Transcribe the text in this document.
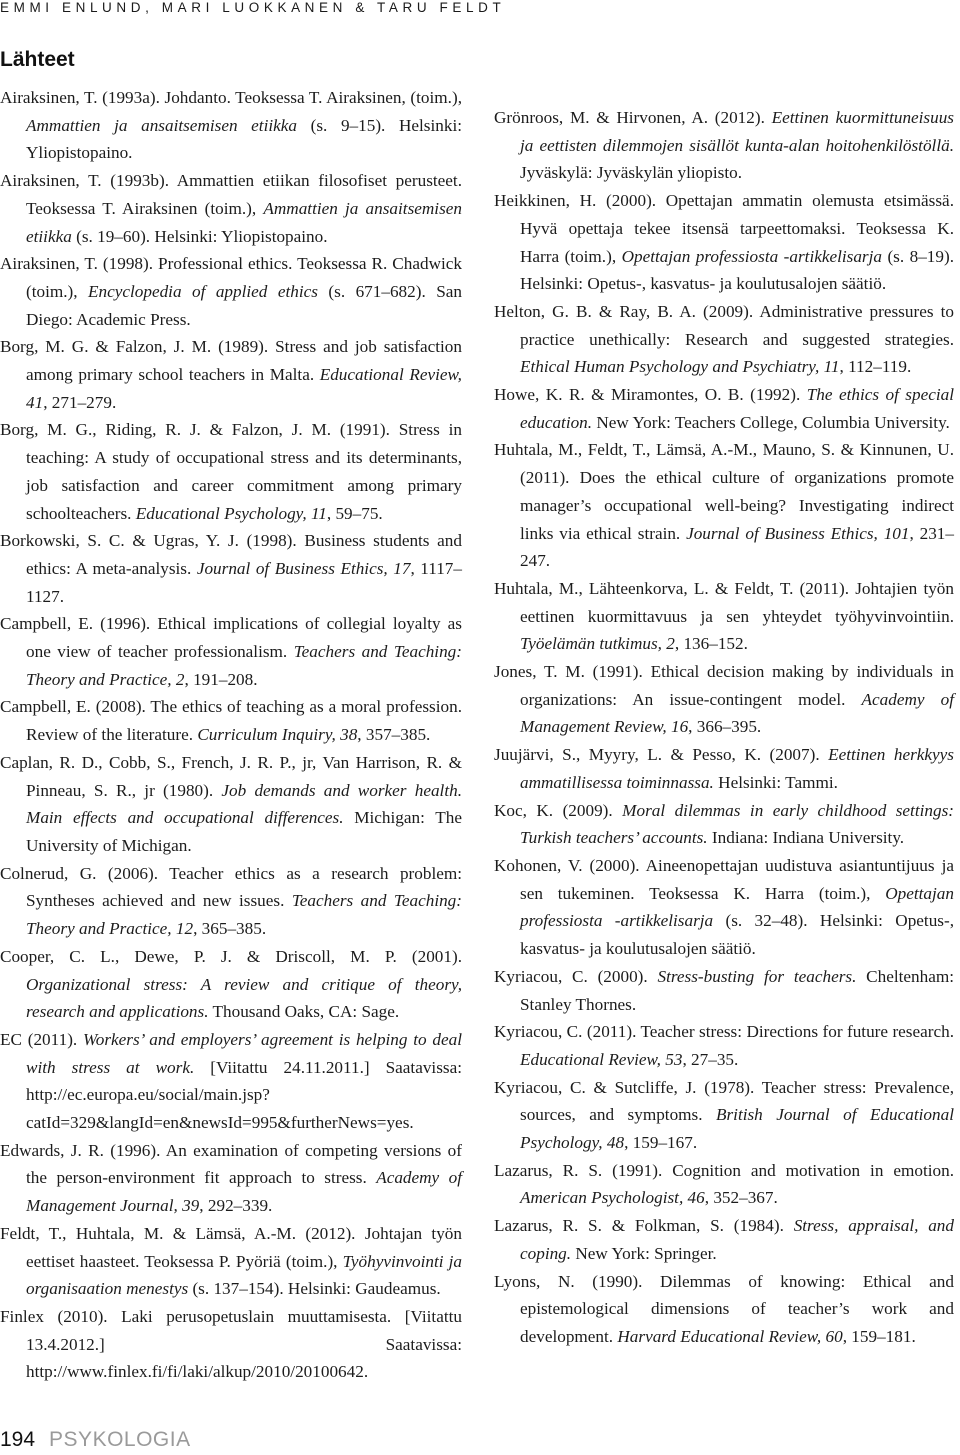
EMMI ENLUND, MARI LUOKKANEN & TARU FELDT
Lähteet

Airaksinen, T. (1993a). Johdanto. Teoksessa T. Airaksinen, (toim.), Ammattien ja ansaitsemisen etiikka (s. 9–15). Helsinki: Yliopistopaino.

Airaksinen, T. (1993b). Ammattien etiikan filosofiset perusteet. Teoksessa T. Airaksinen (toim.), Ammattien ja ansaitsemisen etiikka (s. 19–60). Helsinki: Yliopistopaino.

Airaksinen, T. (1998). Professional ethics. Teoksessa R. Chadwick (toim.), Encyclopedia of applied ethics (s. 671–682). San Diego: Academic Press.

Borg, M. G. & Falzon, J. M. (1989). Stress and job satisfaction among primary school teachers in Malta. Educational Review, 41, 271–279.

Borg, M. G., Riding, R. J. & Falzon, J. M. (1991). Stress in teaching: A study of occupational stress and its determinants, job satisfaction and career commitment among primary schoolteachers. Educational Psychology, 11, 59–75.

Borkowski, S. C. & Ugras, Y. J. (1998). Business students and ethics: A meta-analysis. Journal of Business Ethics, 17, 1117–1127.

Campbell, E. (1996). Ethical implications of collegial loyalty as one view of teacher professionalism. Teachers and Teaching: Theory and Practice, 2, 191–208.

Campbell, E. (2008). The ethics of teaching as a moral profession. Review of the literature. Curriculum Inquiry, 38, 357–385.

Caplan, R. D., Cobb, S., French, J. R. P., jr, Van Harrison, R. & Pinneau, S. R., jr (1980). Job demands and worker health. Main effects and occupational differences. Michigan: The University of Michigan.

Colnerud, G. (2006). Teacher ethics as a research problem: Syntheses achieved and new issues. Teachers and Teaching: Theory and Practice, 12, 365–385.

Cooper, C. L., Dewe, P. J. & Driscoll, M. P. (2001). Organizational stress: A review and critique of theory, research and applications. Thousand Oaks, CA: Sage.

EC (2011). Workers’ and employers’ agreement is helping to deal with stress at work. [Viitattu 24.11.2011.] Saatavissa: http://ec.europa.eu/social/main.jsp?catId=329&langId=en&newsId=995&furtherNews=yes.

Edwards, J. R. (1996). An examination of competing versions of the person-environment fit approach to stress. Academy of Management Journal, 39, 292–339.

Feldt, T., Huhtala, M. & Lämsä, A.-M. (2012). Johtajan työn eettiset haasteet. Teoksessa P. Pyöriä (toim.), Työhyvinvointi ja organisaation menestys (s. 137–154). Helsinki: Gaudeamus.

Finlex (2010). Laki perusopetuslain muuttamisesta. [Viitattu 13.4.2012.] Saatavissa: http://www.finlex.fi/fi/laki/alkup/2010/20100642.

Grönroos, M. & Hirvonen, A. (2012). Eettinen kuormittuneisuus ja eettisten dilemmojen sisällöt kunta-alan hoitohenkilöstöllä. Jyväskylä: Jyväskylän yliopisto.

Heikkinen, H. (2000). Opettajan ammatin olemusta etsimässä. Hyvä opettaja tekee itsensä tarpeettomaksi. Teoksessa K. Harra (toim.), Opettajan professiosta -artikkelisarja (s. 8–19). Helsinki: Opetus-, kasvatus- ja koulutusalojen säätiö.

Helton, G. B. & Ray, B. A. (2009). Administrative pressures to practice unethically: Research and suggested strategies. Ethical Human Psychology and Psychiatry, 11, 112–119.

Howe, K. R. & Miramontes, O. B. (1992). The ethics of special education. New York: Teachers College, Columbia University.

Huhtala, M., Feldt, T., Lämsä, A.-M., Mauno, S. & Kinnunen, U. (2011). Does the ethical culture of organizations promote manager’s occupational well-being? Investigating indirect links via ethical strain. Journal of Business Ethics, 101, 231–247.

Huhtala, M., Lähteenkorva, L. & Feldt, T. (2011). Johtajien työn eettinen kuormittavuus ja sen yhteydet työhyvinvointiin. Työelämän tutkimus, 2, 136–152.

Jones, T. M. (1991). Ethical decision making by individuals in organizations: An issue-contingent model. Academy of Management Review, 16, 366–395.

Juujärvi, S., Myyry, L. & Pesso, K. (2007). Eettinen herkkyys ammatillisessa toiminnassa. Helsinki: Tammi.

Koc, K. (2009). Moral dilemmas in early childhood settings: Turkish teachers’ accounts. Indiana: Indiana University.

Kohonen, V. (2000). Aineenopettajan uudistuva asiantuntijuus ja sen tukeminen. Teoksessa K. Harra (toim.), Opettajan professiosta -artikkelisarja (s. 32–48). Helsinki: Opetus-, kasvatus- ja koulutusalojen säätiö.

Kyriacou, C. (2000). Stress-busting for teachers. Cheltenham: Stanley Thornes.

Kyriacou, C. (2011). Teacher stress: Directions for future research. Educational Review, 53, 27–35.

Kyriacou, C. & Sutcliffe, J. (1978). Teacher stress: Prevalence, sources, and symptoms. British Journal of Educational Psychology, 48, 159–167.

Lazarus, R. S. (1991). Cognition and motivation in emotion. American Psychologist, 46, 352–367.

Lazarus, R. S. & Folkman, S. (1984). Stress, appraisal, and coping. New York: Springer.

Lyons, N. (1990). Dilemmas of knowing: Ethical and epistemological dimensions of teacher’s work and development. Harvard Educational Review, 60, 159–181.

194 PSYKOLOGIA
